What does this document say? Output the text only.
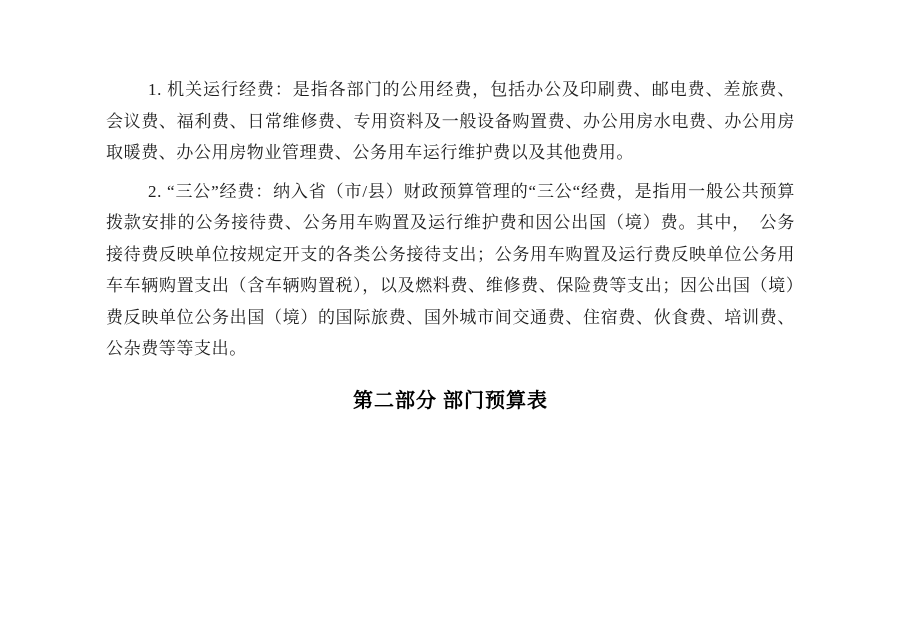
1. 机关运行经费：是指各部门的公用经费，包括办公及印刷费、邮电费、差旅费、会议费、福利费、日常维修费、专用资料及一般设备购置费、办公用房水电费、办公用房取暖费、办公用房物业管理费、公务用车运行维护费以及其他费用。

2. “三公”经费：纳入省（市/县）财政预算管理的“三公“经费，是指用一般公共预算拨款安排的公务接待费、公务用车购置及运行维护费和因公出国（境）费。其中，　公务接待费反映单位按规定开支的各类公务接待支出；公务用车购置及运行费反映单位公务用车车辆购置支出（含车辆购置税），以及燃料费、维修费、保险费等支出；因公出国（境）费反映单位公务出国（境）的国际旅费、国外城市间交通费、住宿费、伙食费、培训费、公杂费等等支出。

第二部分 部门预算表
